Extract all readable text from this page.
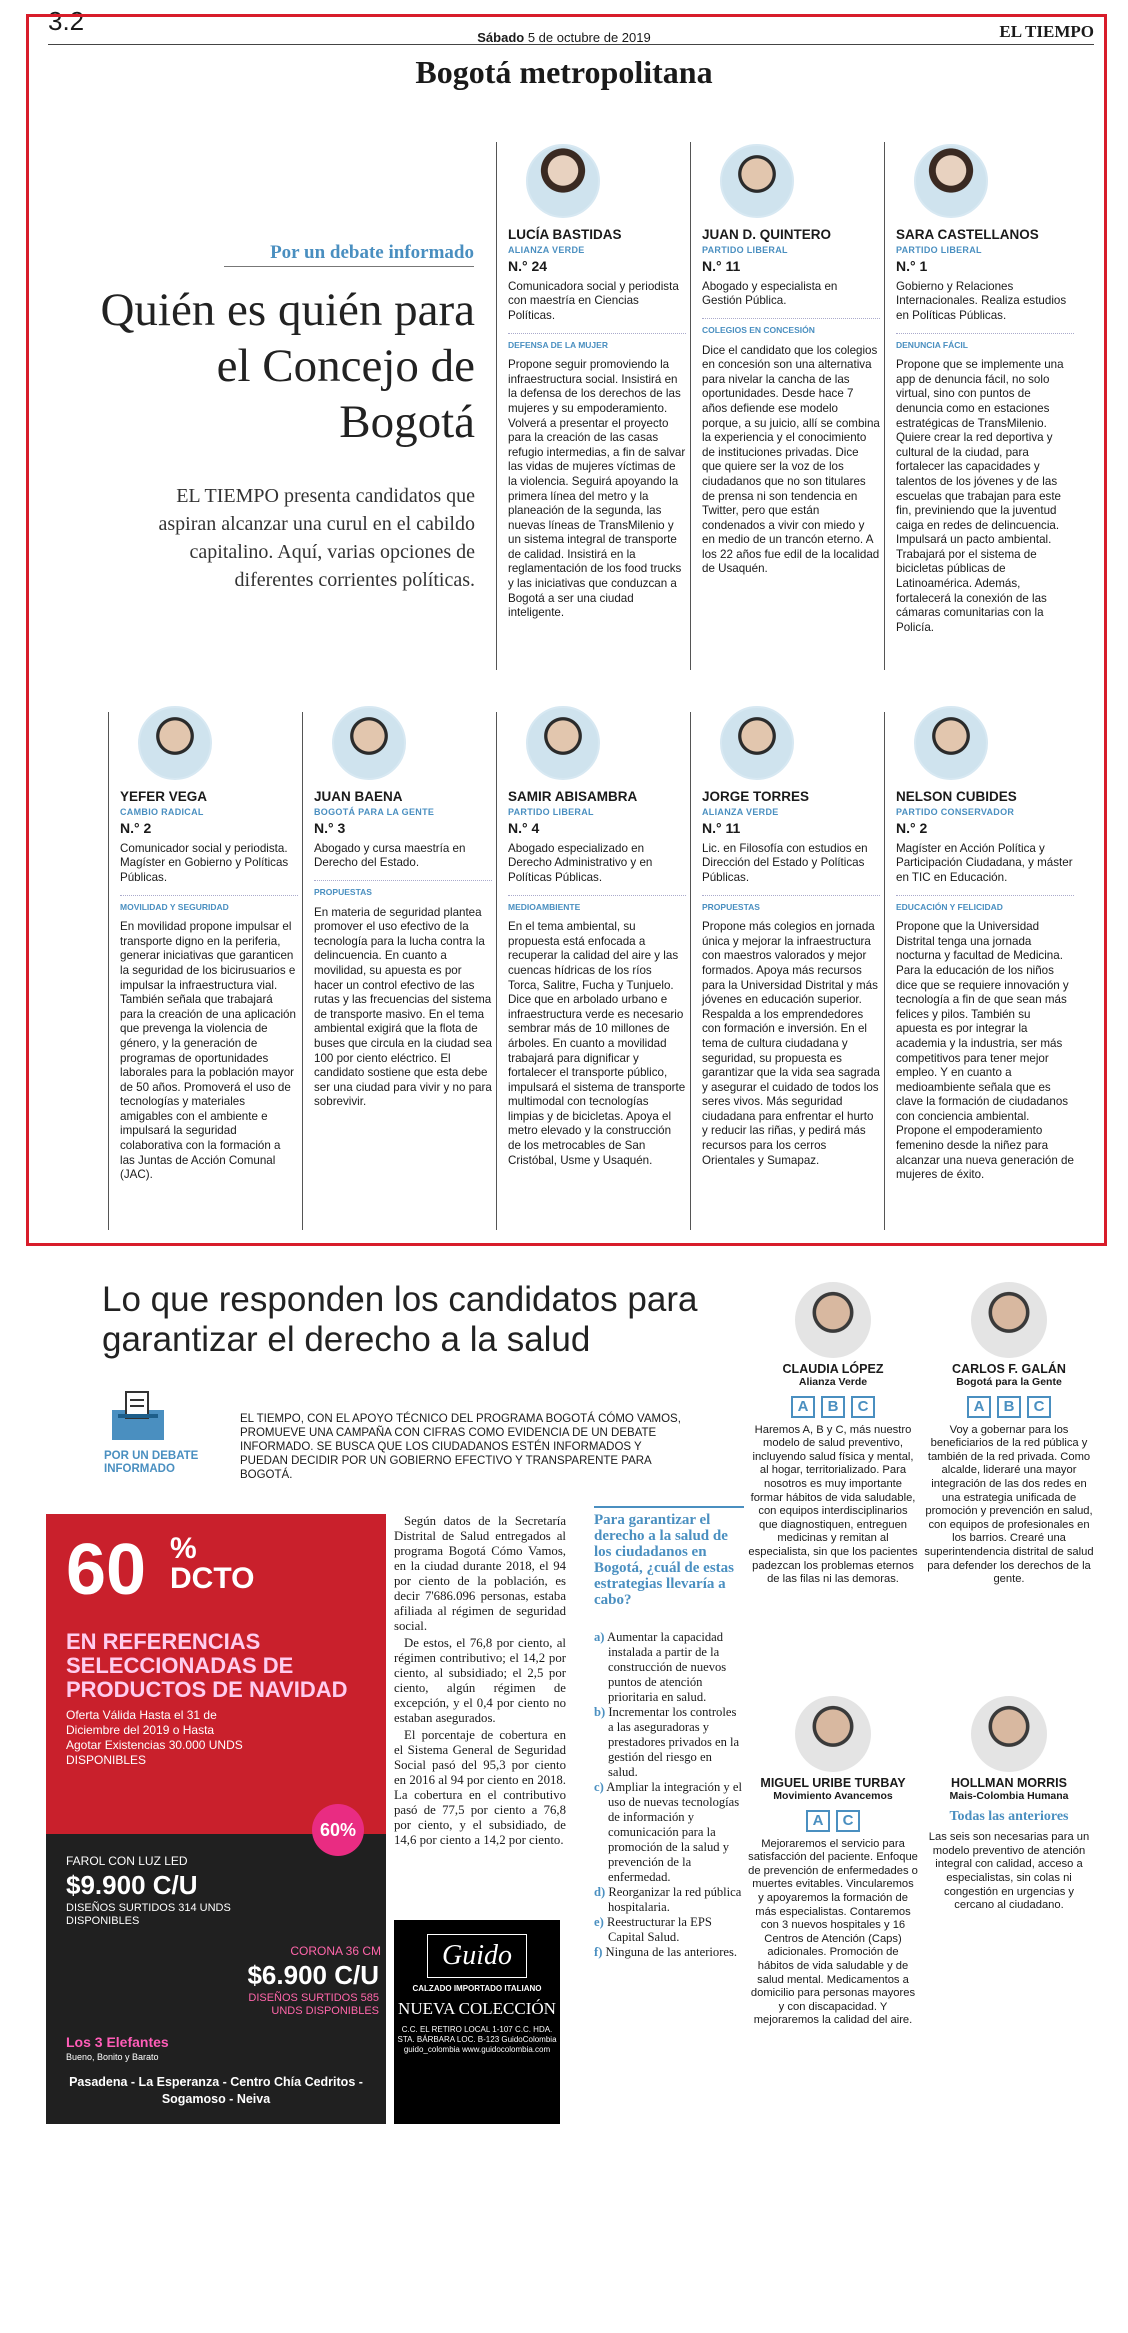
3.2
Sábado 5 de octubre de 2019	EL TIEMPO
Bogotá metropolitana
Por un debate informado
Quién es quién para el Concejo de Bogotá
EL TIEMPO presenta candidatos que aspiran alcanzar una curul en el cabildo capitalino. Aquí, varias opciones de diferentes corrientes políticas.
LUCÍA BASTIDAS
ALIANZA VERDE
N.° 24
Comunicadora social y periodista con maestría en Ciencias Políticas.
DEFENSA DE LA MUJER
Propone seguir promoviendo la infraestructura social. Insistirá en la defensa de los derechos de las mujeres y su empoderamiento. Volverá a presentar el proyecto para la creación de las casas refugio intermedias, a fin de salvar las vidas de mujeres víctimas de la violencia. Seguirá apoyando la primera línea del metro y la planeación de la segunda, las nuevas líneas de TransMilenio y un sistema integral de transporte de calidad. Insistirá en la reglamentación de los food trucks y las iniciativas que conduzcan a Bogotá a ser una ciudad inteligente.
JUAN D. QUINTERO
PARTIDO LIBERAL
N.° 11
Abogado y especialista en Gestión Pública.
COLEGIOS EN CONCESIÓN
Dice el candidato que los colegios en concesión son una alternativa para nivelar la cancha de las oportunidades. Desde hace 7 años defiende ese modelo porque, a su juicio, allí se combina la experiencia y el conocimiento de instituciones privadas. Dice que quiere ser la voz de los ciudadanos que no son titulares de prensa ni son tendencia en Twitter, pero que están condenados a vivir con miedo y en medio de un trancón eterno. A los 22 años fue edil de la localidad de Usaquén.
SARA CASTELLANOS
PARTIDO LIBERAL
N.° 1
Gobierno y Relaciones Internacionales. Realiza estudios en Políticas Públicas.
DENUNCIA FÁCIL
Propone que se implemente una app de denuncia fácil, no solo virtual, sino con puntos de denuncia como en estaciones estratégicas de TransMilenio. Quiere crear la red deportiva y cultural de la ciudad, para fortalecer las capacidades y talentos de los jóvenes y de las escuelas que trabajan para este fin, previniendo que la juventud caiga en redes de delincuencia. Impulsará un pacto ambiental. Trabajará por el sistema de bicicletas públicas de Latinoamérica. Además, fortalecerá la conexión de las cámaras comunitarias con la Policía.
YEFER VEGA
CAMBIO RADICAL
N.° 2
Comunicador social y periodista. Magíster en Gobierno y Políticas Públicas.
MOVILIDAD Y SEGURIDAD
En movilidad propone impulsar el transporte digno en la periferia, generar iniciativas que garanticen la seguridad de los bicirusuarios e impulsar la infraestructura vial. También señala que trabajará para la creación de una aplicación que prevenga la violencia de género, y la generación de programas de oportunidades laborales para la población mayor de 50 años. Promoverá el uso de tecnologías y materiales amigables con el ambiente e impulsará la seguridad colaborativa con la formación a las Juntas de Acción Comunal (JAC).
JUAN BAENA
BOGOTÁ PARA LA GENTE
N.° 3
Abogado y cursa maestría en Derecho del Estado.
PROPUESTAS
En materia de seguridad plantea promover el uso efectivo de la tecnología para la lucha contra la delincuencia. En cuanto a movilidad, su apuesta es por hacer un control efectivo de las rutas y las frecuencias del sistema de transporte masivo. En el tema ambiental exigirá que la flota de buses que circula en la ciudad sea 100 por ciento eléctrico. El candidato sostiene que esta debe ser una ciudad para vivir y no para sobrevivir.
SAMIR ABISAMBRA
PARTIDO LIBERAL
N.° 4
Abogado especializado en Derecho Administrativo y en Políticas Públicas.
MEDIOAMBIENTE
En el tema ambiental, su propuesta está enfocada a recuperar la calidad del aire y las cuencas hídricas de los ríos Torca, Salitre, Fucha y Tunjuelo. Dice que en arbolado urbano e infraestructura verde es necesario sembrar más de 10 millones de árboles. En cuanto a movilidad trabajará para dignificar y fortalecer el transporte público, impulsará el sistema de transporte multimodal con tecnologías limpias y de bicicletas. Apoya el metro elevado y la construcción de los metrocables de San Cristóbal, Usme y Usaquén.
JORGE TORRES
ALIANZA VERDE
N.° 11
Lic. en Filosofía con estudios en Dirección del Estado y Políticas Públicas.
PROPUESTAS
Propone más colegios en jornada única y mejorar la infraestructura con maestros valorados y mejor formados. Apoya más recursos para la Universidad Distrital y más jóvenes en educación superior. Respalda a los emprendedores con formación e inversión. En el tema de cultura ciudadana y seguridad, su propuesta es garantizar que la vida sea sagrada y asegurar el cuidado de todos los seres vivos. Más seguridad ciudadana para enfrentar el hurto y reducir las riñas, y pedirá más recursos para los cerros Orientales y Sumapaz.
NELSON CUBIDES
PARTIDO CONSERVADOR
N.° 2
Magíster en Acción Política y Participación Ciudadana, y máster en TIC en Educación.
EDUCACIÓN Y FELICIDAD
Propone que la Universidad Distrital tenga una jornada nocturna y facultad de Medicina. Para la educación de los niños dice que se requiere innovación y tecnología a fin de que sean más felices y pilos. También su apuesta es por integrar la academia y la industria, ser más competitivos para tener mejor empleo. Y en cuanto a medioambiente señala que es clave la formación de ciudadanos con conciencia ambiental. Propone el empoderamiento femenino desde la niñez para alcanzar una nueva generación de mujeres de éxito.
Lo que responden los candidatos para garantizar el derecho a la salud
POR UN DEBATE INFORMADO
EL TIEMPO, CON EL APOYO TÉCNICO DEL PROGRAMA BOGOTÁ CÓMO VAMOS, PROMUEVE UNA CAMPAÑA CON CIFRAS COMO EVIDENCIA DE UN DEBATE INFORMADO. SE BUSCA QUE LOS CIUDADANOS ESTÉN INFORMADOS Y PUEDAN DECIDIR POR UN GOBIERNO EFECTIVO Y TRANSPARENTE PARA BOGOTÁ.
60 %
DCTO
EN REFERENCIAS SELECCIONADAS DE PRODUCTOS DE NAVIDAD
Oferta Válida Hasta el 31 de Diciembre del 2019 o Hasta Agotar Existencias 30.000 UNDS DISPONIBLES
60%
FAROL CON LUZ LED
$9.900 C/U
DISEÑOS SURTIDOS 314 UNDS DISPONIBLES
CORONA 36 CM
$6.900 C/U
DISEÑOS SURTIDOS 585 UNDS DISPONIBLES
Los 3 Elefantes
Bueno, Bonito y Barato
Pasadena - La Esperanza - Centro Chía Cedritos - Sogamoso - Neiva

Según datos de la Secretaría Distrital de Salud entregados al programa Bogotá Cómo Vamos, en la ciudad durante 2018, el 94 por ciento de la población, es decir 7'686.096 personas, estaba afiliada al régimen de seguridad social.

De estos, el 76,8 por ciento, al régimen contributivo; el 14,2 por ciento, al subsidiado; el 2,5 por ciento, algún régimen de excepción, y el 0,4 por ciento no estaban asegurados.

El porcentaje de cobertura en el Sistema General de Seguridad Social pasó del 95,3 por ciento en 2016 al 94 por ciento en 2018. La cobertura en el contributivo pasó de 77,5 por ciento a 76,8 por ciento, y el subsidiado, de 14,6 por ciento a 14,2 por ciento.

Guido
CALZADO IMPORTADO ITALIANO
NUEVA COLECCIÓN
C.C. EL RETIRO LOCAL 1-107 C.C. HDA. STA. BÁRBARA LOC. B-123 GuidoColombia guido_colombia www.guidocolombia.com
Para garantizar el derecho a la salud de los ciudadanos en Bogotá, ¿cuál de estas estrategias llevaría a cabo?
a) Aumentar la capacidad instalada a partir de la construcción de nuevos puntos de atención prioritaria en salud.
b) Incrementar los controles a las aseguradoras y prestadores privados en la gestión del riesgo en salud.
c) Ampliar la integración y el uso de nuevas tecnologías de información y comunicación para la promoción de la salud y prevención de la enfermedad.
d) Reorganizar la red pública hospitalaria.
e) Reestructurar la EPS Capital Salud.
f) Ninguna de las anteriores.
CLAUDIA LÓPEZ
Alianza Verde
A B C
Haremos A, B y C, más nuestro modelo de salud preventivo, incluyendo salud física y mental, al hogar, territorializado. Para nosotros es muy importante formar hábitos de vida saludable, con equipos interdisciplinarios que diagnostiquen, entreguen medicinas y remitan al especialista, sin que los pacientes padezcan los problemas eternos de las filas ni las demoras.
CARLOS F. GALÁN
Bogotá para la Gente
A B C
Voy a gobernar para los beneficiarios de la red pública y también de la red privada. Como alcalde, lideraré una mayor integración de las dos redes en una estrategia unificada de promoción y prevención en salud, con equipos de profesionales en los barrios. Crearé una superintendencia distrital de salud para defender los derechos de la gente.
MIGUEL URIBE TURBAY
Movimiento Avancemos
A C
Mejoraremos el servicio para satisfacción del paciente. Enfoque de prevención de enfermedades o muertes evitables. Vincularemos y apoyaremos la formación de más especialistas. Contaremos con 3 nuevos hospitales y 16 Centros de Atención (Caps) adicionales. Promoción de hábitos de vida saludable y de salud mental. Medicamentos a domicilio para personas mayores y con discapacidad. Y mejoraremos la calidad del aire.
HOLLMAN MORRIS
Mais-Colombia Humana
Todas las anteriores
Las seis son necesarias para un modelo preventivo de atención integral con calidad, acceso a especialistas, sin colas ni congestión en urgencias y cercano al ciudadano.
